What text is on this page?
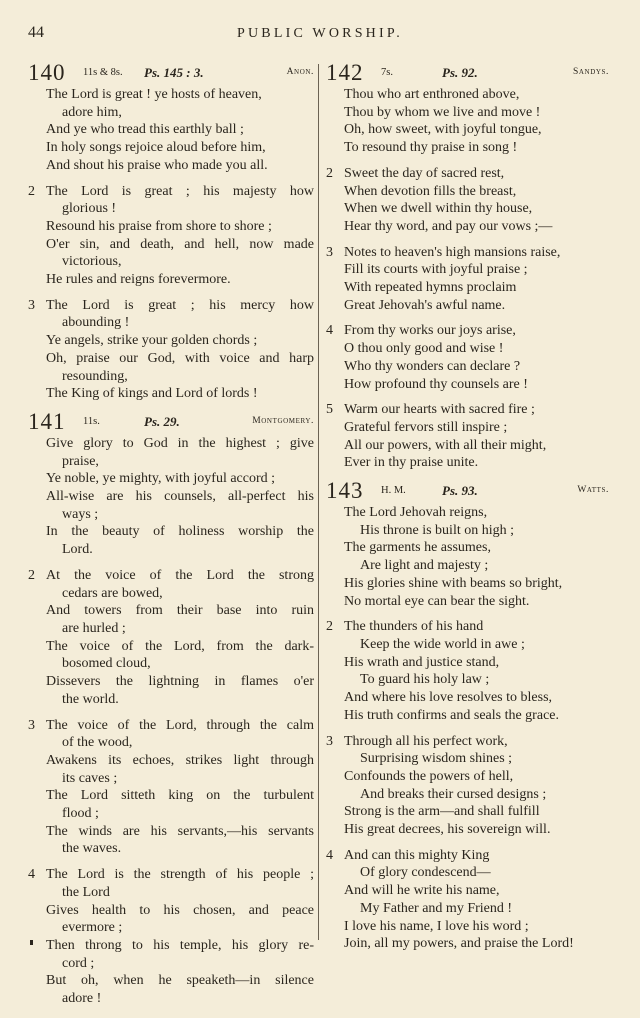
44	PUBLIC WORSHIP.
140 11s & 8s. Ps. 145 : 3.	Anon.
The Lord is great ! ye hosts of heaven,
adore him,
And ye who tread this earthly ball ;
In holy songs rejoice aloud before him,
And shout his praise who made you all.
2 The Lord is great ; his majesty how
glorious !
Resound his praise from shore to shore ;
O'er sin, and death, and hell, now made
victorious,
He rules and reigns forevermore.
3 The Lord is great ; his mercy how
abounding !
Ye angels, strike your golden chords ;
Oh, praise our God, with voice and harp
resounding,
The King of kings and Lord of lords !
141 11s.	Ps. 29.	Montgomery.
Give glory to God in the highest ; give
praise,
Ye noble, ye mighty, with joyful accord ;
All-wise are his counsels, all-perfect his
ways ;
In the beauty of holiness worship the
Lord.
2 At the voice of the Lord the strong
cedars are bowed,
And towers from their base into ruin
are hurled ;
The voice of the Lord, from the dark-
bosomed cloud,
Dissevers the lightning in flames o'er
the world.
3 The voice of the Lord, through the calm
of the wood,
Awakens its echoes, strikes light through
its caves ;
The Lord sitteth king on the turbulent
flood ;
The winds are his servants,—his servants
the waves.
4 The Lord is the strength of his people ;
the Lord
Gives health to his chosen, and peace
evermore ;
Then throng to his temple, his glory re-
cord ;
But oh, when he speaketh—in silence
adore !
142 7s.	Ps. 92.	Sandys.
Thou who art enthroned above,
Thou by whom we live and move !
Oh, how sweet, with joyful tongue,
To resound thy praise in song !
2 Sweet the day of sacred rest,
When devotion fills the breast,
When we dwell within thy house,
Hear thy word, and pay our vows ;—
3 Notes to heaven's high mansions raise,
Fill its courts with joyful praise ;
With repeated hymns proclaim
Great Jehovah's awful name.
4 From thy works our joys arise,
O thou only good and wise !
Who thy wonders can declare ?
How profound thy counsels are !
5 Warm our hearts with sacred fire ;
Grateful fervors still inspire ;
All our powers, with all their might,
Ever in thy praise unite.
143 H. M.	Ps. 93.	Watts.
The Lord Jehovah reigns,
His throne is built on high ;
The garments he assumes,
Are light and majesty ;
His glories shine with beams so bright,
No mortal eye can bear the sight.
2 The thunders of his hand
Keep the wide world in awe ;
His wrath and justice stand,
To guard his holy law ;
And where his love resolves to bless,
His truth confirms and seals the grace.
3 Through all his perfect work,
Surprising wisdom shines ;
Confounds the powers of hell,
And breaks their cursed designs ;
Strong is the arm—and shall fulfill
His great decrees, his sovereign will.
4 And can this mighty King
Of glory condescend—
And will he write his name,
My Father and my Friend !
I love his name, I love his word ;
Join, all my powers, and praise the Lord!
